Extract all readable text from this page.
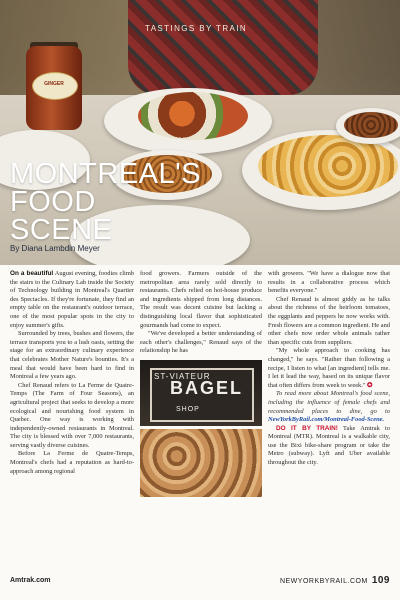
GINGER
TASTINGS BY TRAIN
MONTREAL'S
FOOD
SCENE
By Diana Lambdin Meyer

On a beautiful August evening, foodies climb the stairs to the Culinary Lab inside the Society of Technology building in Montreal's Quartier des Spectacles. If they're fortunate, they find an empty table on the restaurant's outdoor terrace, one of the most popular spots in the city to enjoy summer's gifts.

Surrounded by trees, bushes and flowers, the terrace transports you to a lush oasis, setting the stage for an extraordinary culinary experience that celebrates Mother Nature's bounties. It's a meal that would have been hard to find in Montreal a few years ago.

Chef Renaud refers to La Ferme de Quatre-Temps (The Farm of Four Seasons), an agricultural project that seeks to develop a more ecological and nourishing food system in Quebec. One way is working with independently-owned restaurants in Montreal. The city is blessed with over 7,000 restaurants, serving vastly diverse cuisines.

Before La Ferme de Quatre-Temps, Montreal's chefs had a reputation as hard-to-approach among regional

food growers. Farmers outside of the metropolitan area rarely sold directly to restaurants. Chefs relied on hot-house produce and ingredients shipped from long distances. The result was decent cuisine but lacking a distinguishing local flavor that sophisticated gourmands had come to expect.

"We've developed a better understanding of each other's challenges," Renaud says of the relationship he has

ST-VIATEUR
BAGEL
SHOP

with growers. "We have a dialogue now that results in a collaborative process which benefits everyone."

Chef Renaud is almost giddy as he talks about the richness of the heirloom tomatoes, the eggplants and peppers he now works with. Fresh flowers are a common ingredient. He and other chefs now order whole animals rather than specific cuts from suppliers.

"My whole approach to cooking has changed," he says. "Rather than following a recipe, I listen to what [an ingredient] tells me. I let it lead the way, based on its unique flavor that often differs from week to week." ✪

To read more about Montreal's food scene, including the influence of female chefs and recommended places to dine, go to NewYorkByRail.com/Montreal-Food-Scene.

DO IT BY TRAIN! Take Amtrak to Montreal (MTR). Montreal is a walkable city, use the Bixi bike-share program or take the Metro (subway). Lyft and Uber available throughout the city.

Amtrak.com	NEWYORKBYRAIL.COM 109
